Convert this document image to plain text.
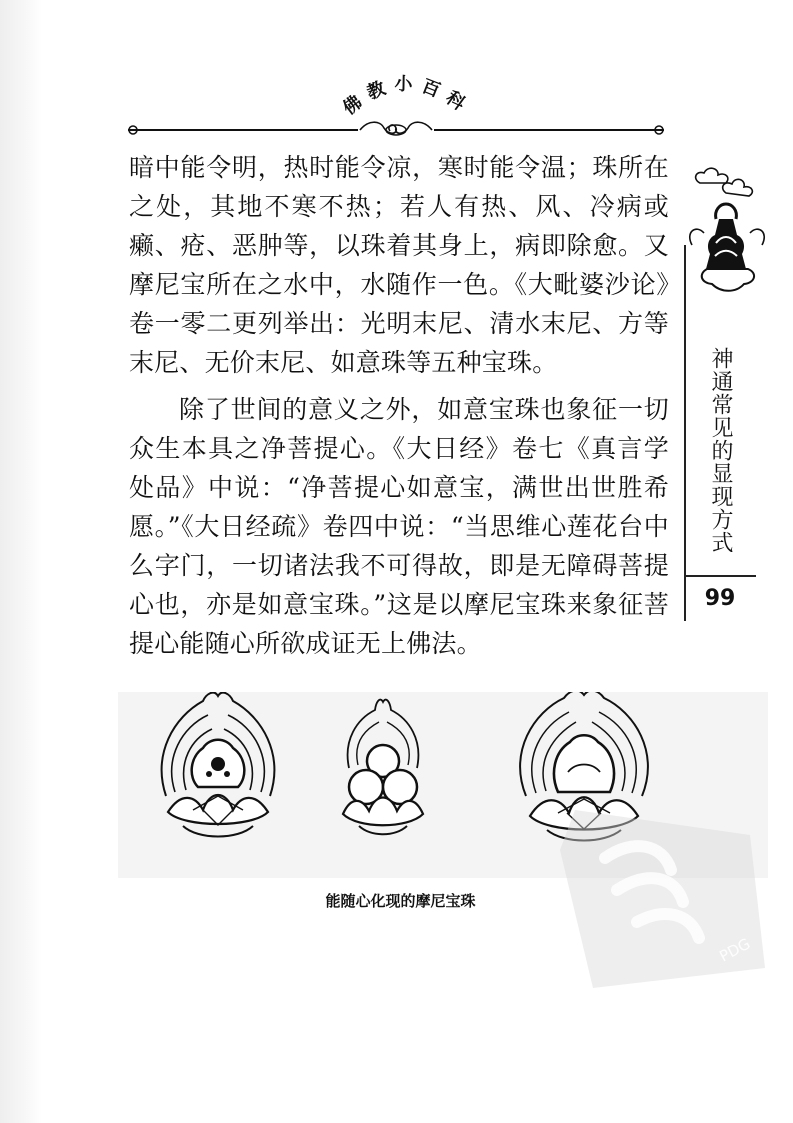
佛教小百科

暗中能令明，热时能令凉，寒时能令温；珠所在之处，其地不寒不热；若人有热、风、冷病或癞、疮、恶肿等，以珠着其身上，病即除愈。又摩尼宝所在之水中，水随作一色。《大毗婆沙论》卷一零二更列举出：光明末尼、清水末尼、方等末尼、无价末尼、如意珠等五种宝珠。

除了世间的意义之外，如意宝珠也象征一切众生本具之净菩提心。《大日经》卷七《真言学处品》中说：“净菩提心如意宝，满世出世胜希愿。”《大日经疏》卷四中说：“当思维心莲花台中么字门，一切诸法我不可得故，即是无障碍菩提心也，亦是如意宝珠。”这是以摩尼宝珠来象征菩提心能随心所欲成证无上佛法。

神通常见的显现方式
99
能随心化现的摩尼宝珠
PDG
